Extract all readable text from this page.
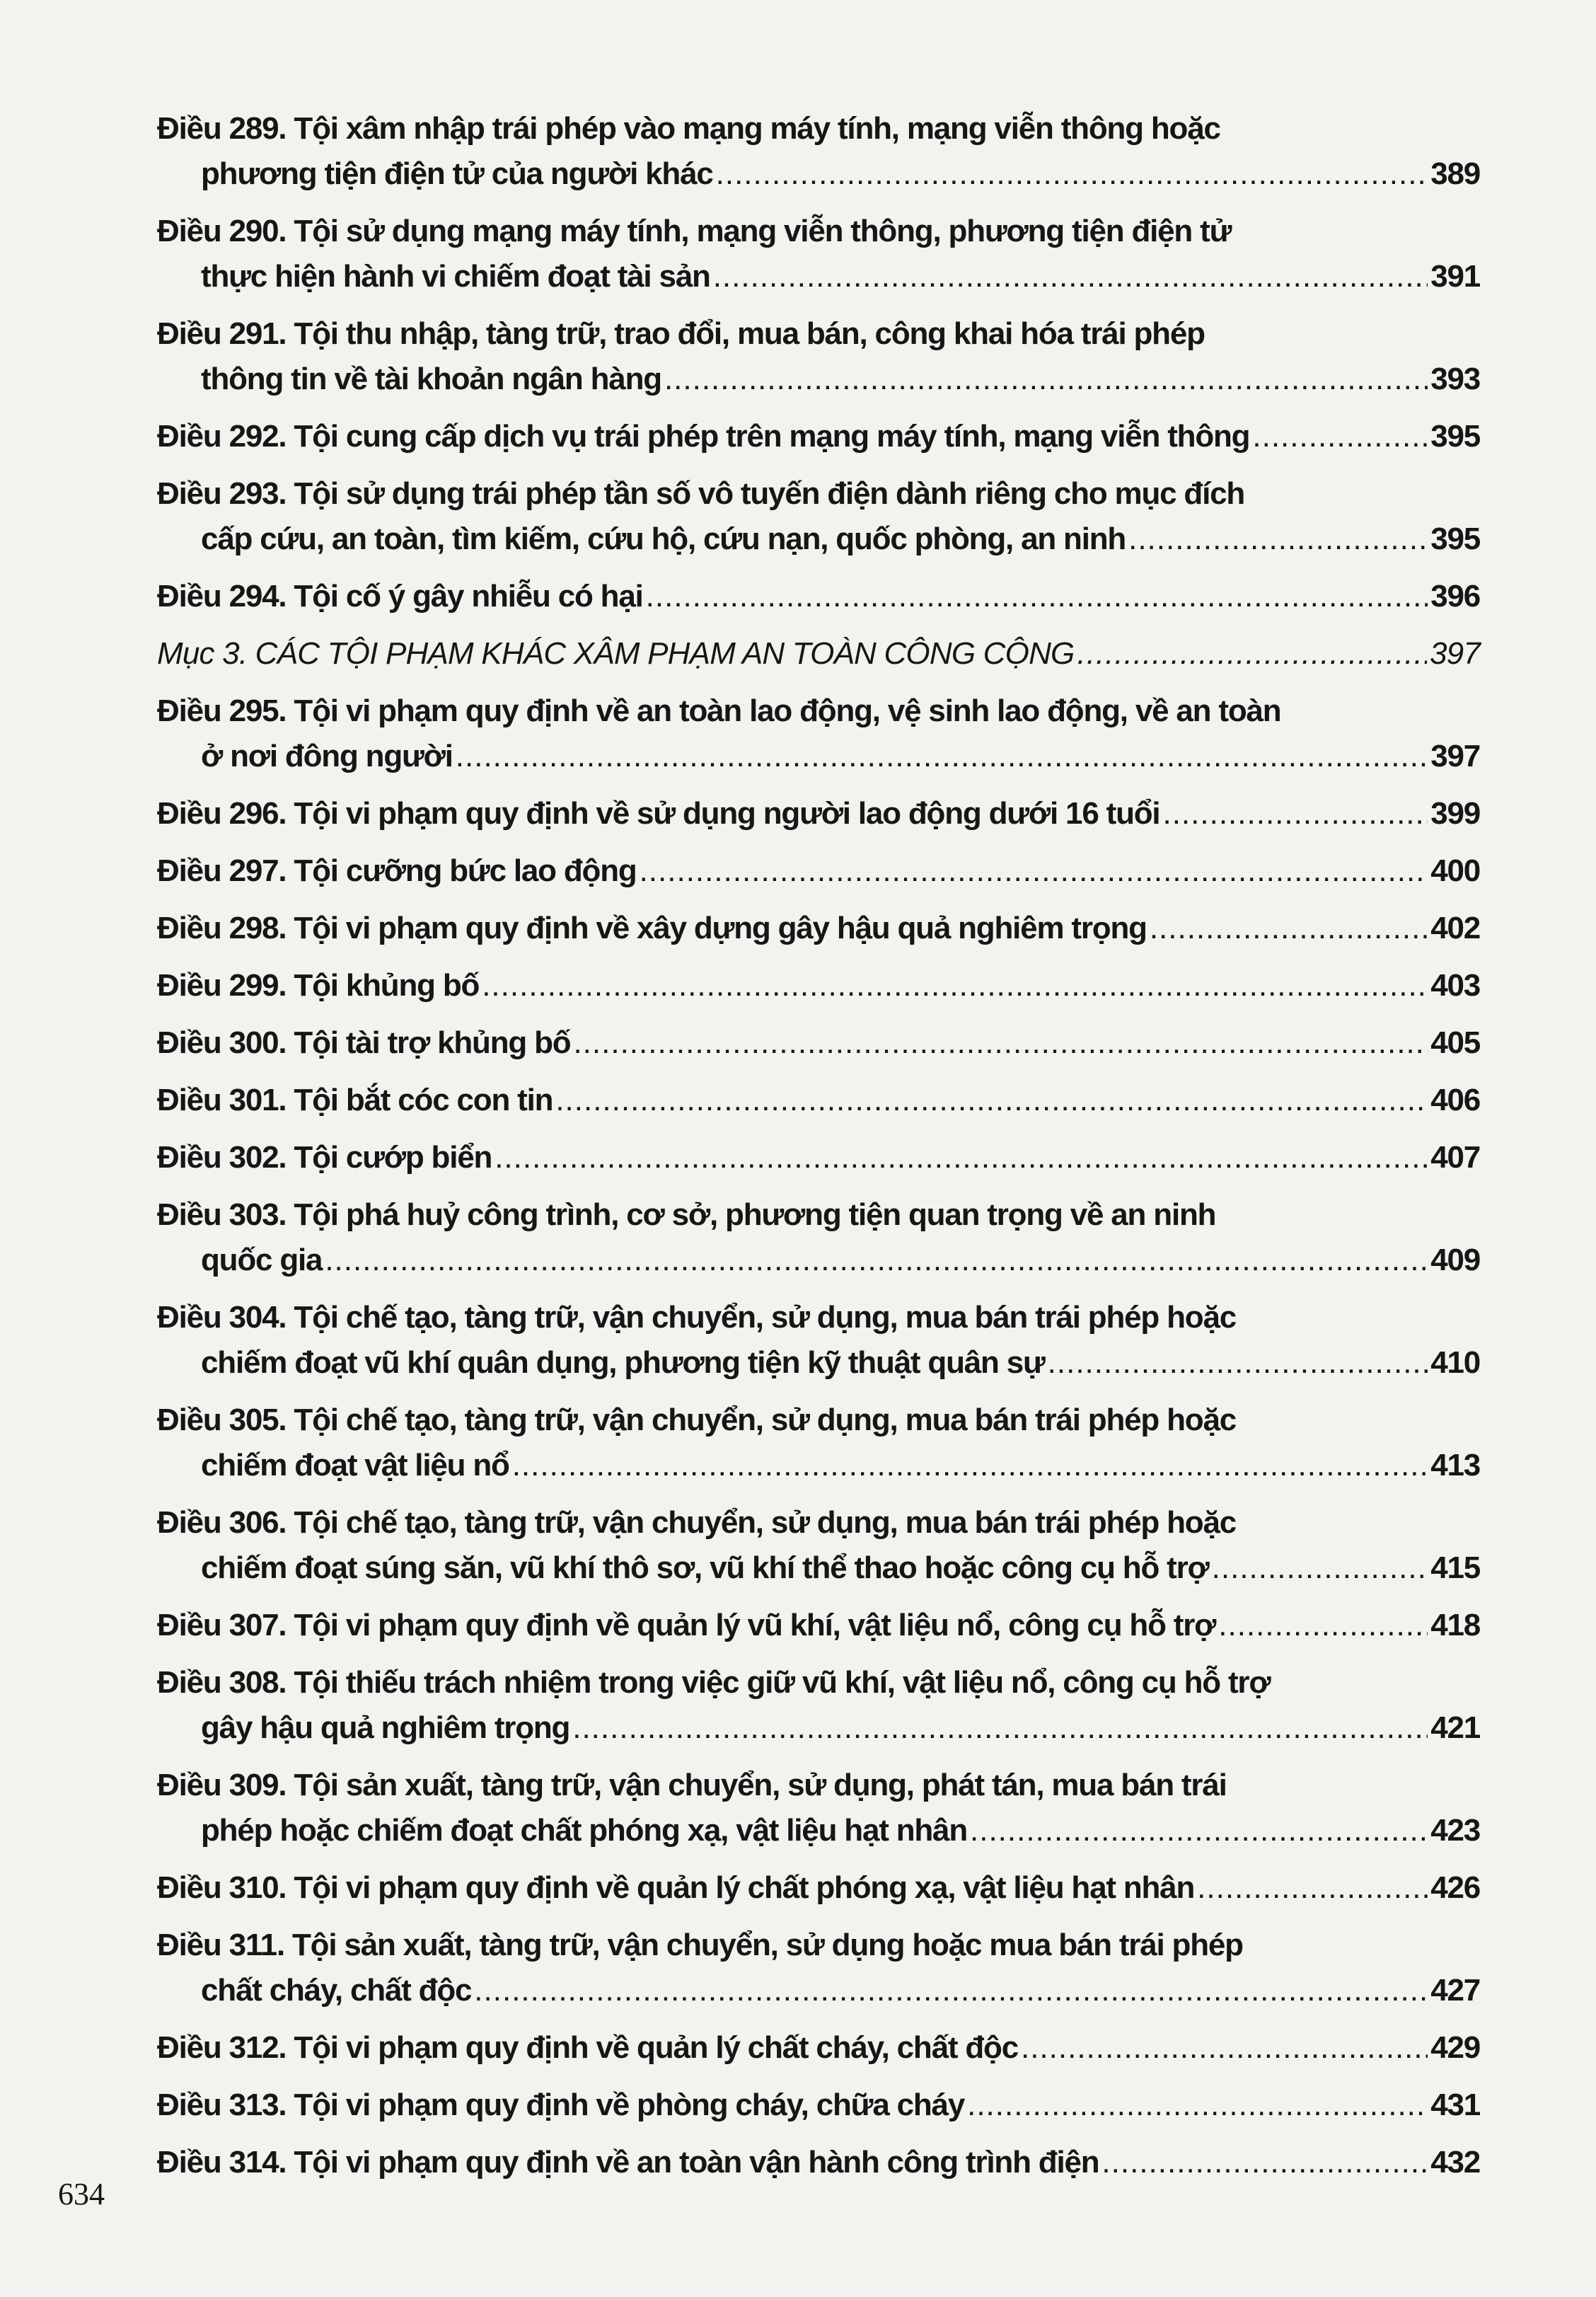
Điều 289. Tội xâm nhập trái phép vào mạng máy tính, mạng viễn thông hoặc
phương tiện điện tử của người khác .....	389
Điều 290. Tội sử dụng mạng máy tính, mạng viễn thông, phương tiện điện tử
thực hiện hành vi chiếm đoạt tài sản .....	391
Điều 291. Tội thu nhập, tàng trữ, trao đổi, mua bán, công khai hóa trái phép
thông tin về tài khoản ngân hàng .....	393
Điều 292. Tội cung cấp dịch vụ trái phép trên mạng máy tính, mạng viễn thông .....	395
Điều 293. Tội sử dụng trái phép tần số vô tuyến điện dành riêng cho mục đích
cấp cứu, an toàn, tìm kiếm, cứu hộ, cứu nạn, quốc phòng, an ninh .....	395
Điều 294. Tội cố ý gây nhiễu có hại .....	396
Mục 3. CÁC TỘI PHẠM KHÁC XÂM PHẠM AN TOÀN CÔNG CỘNG .....	397
Điều 295. Tội vi phạm quy định về an toàn lao động, vệ sinh lao động, về an toàn
ở nơi đông người .....	397
Điều 296. Tội vi phạm quy định về sử dụng người lao động dưới 16 tuổi .....	399
Điều 297. Tội cưỡng bức lao động .....	400
Điều 298. Tội vi phạm quy định về xây dựng gây hậu quả nghiêm trọng .....	402
Điều 299. Tội khủng bố .....	403
Điều 300. Tội tài trợ khủng bố .....	405
Điều 301. Tội bắt cóc con tin .....	406
Điều 302. Tội cướp biển .....	407
Điều 303. Tội phá huỷ công trình, cơ sở, phương tiện quan trọng về an ninh
quốc gia .....	409
Điều 304. Tội chế tạo, tàng trữ, vận chuyển, sử dụng, mua bán trái phép hoặc
chiếm đoạt vũ khí quân dụng, phương tiện kỹ thuật quân sự .....	410
Điều 305. Tội chế tạo, tàng trữ, vận chuyển, sử dụng, mua bán trái phép hoặc
chiếm đoạt vật liệu nổ .....	413
Điều 306. Tội chế tạo, tàng trữ, vận chuyển, sử dụng, mua bán trái phép hoặc
chiếm đoạt súng săn, vũ khí thô sơ, vũ khí thể thao hoặc công cụ hỗ trợ .....	415
Điều 307. Tội vi phạm quy định về quản lý vũ khí, vật liệu nổ, công cụ hỗ trợ .....	418
Điều 308. Tội thiếu trách nhiệm trong việc giữ vũ khí, vật liệu nổ, công cụ hỗ trợ
gây hậu quả nghiêm trọng .....	421
Điều 309. Tội sản xuất, tàng trữ, vận chuyển, sử dụng, phát tán, mua bán trái
phép hoặc chiếm đoạt chất phóng xạ, vật liệu hạt nhân .....	423
Điều 310. Tội vi phạm quy định về quản lý chất phóng xạ, vật liệu hạt nhân .....	426
Điều 311. Tội sản xuất, tàng trữ, vận chuyển, sử dụng hoặc mua bán trái phép
chất cháy, chất độc .....	427
Điều 312. Tội vi phạm quy định về quản lý chất cháy, chất độc .....	429
Điều 313. Tội vi phạm quy định về phòng cháy, chữa cháy .....	431
Điều 314. Tội vi phạm quy định về an toàn vận hành công trình điện .....	432
634
